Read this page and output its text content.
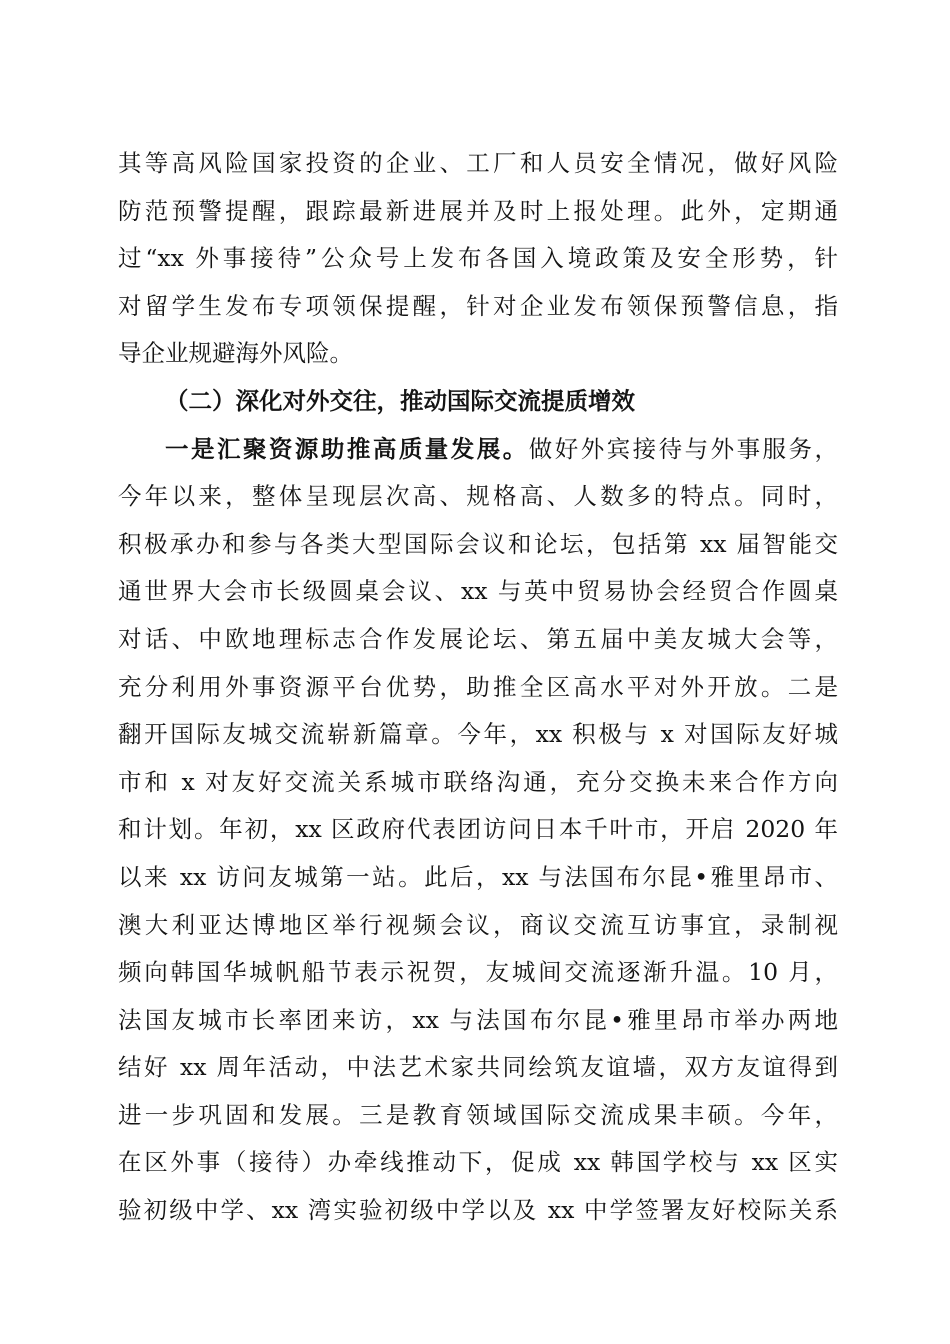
其等高风险国家投资的企业、工厂和人员安全情况，做好风险
防范预警提醒，跟踪最新进展并及时上报处理。此外，定期通
过“xx 外事接待”公众号上发布各国入境政策及安全形势，针
对留学生发布专项领保提醒，针对企业发布领保预警信息，指
导企业规避海外风险。
（二）深化对外交往，推动国际交流提质增效
一是汇聚资源助推高质量发展。做好外宾接待与外事服务，
今年以来，整体呈现层次高、规格高、人数多的特点。同时，
积极承办和参与各类大型国际会议和论坛，包括第 xx 届智能交
通世界大会市长级圆桌会议、xx 与英中贸易协会经贸合作圆桌
对话、中欧地理标志合作发展论坛、第五届中美友城大会等，
充分利用外事资源平台优势，助推全区高水平对外开放。二是
翻开国际友城交流崭新篇章。今年，xx 积极与 x 对国际友好城
市和 x 对友好交流关系城市联络沟通，充分交换未来合作方向
和计划。年初，xx 区政府代表团访问日本千叶市，开启 2020 年
以来 xx 访问友城第一站。此后，xx 与法国布尔昆•雅里昂市、
澳大利亚达博地区举行视频会议，商议交流互访事宜，录制视
频向韩国华城帆船节表示祝贺，友城间交流逐渐升温。10 月，
法国友城市长率团来访，xx 与法国布尔昆•雅里昂市举办两地
结好 xx 周年活动，中法艺术家共同绘筑友谊墙，双方友谊得到
进一步巩固和发展。三是教育领域国际交流成果丰硕。今年，
在区外事（接待）办牵线推动下，促成 xx 韩国学校与 xx 区实
验初级中学、xx 湾实验初级中学以及 xx 中学签署友好校际关系
